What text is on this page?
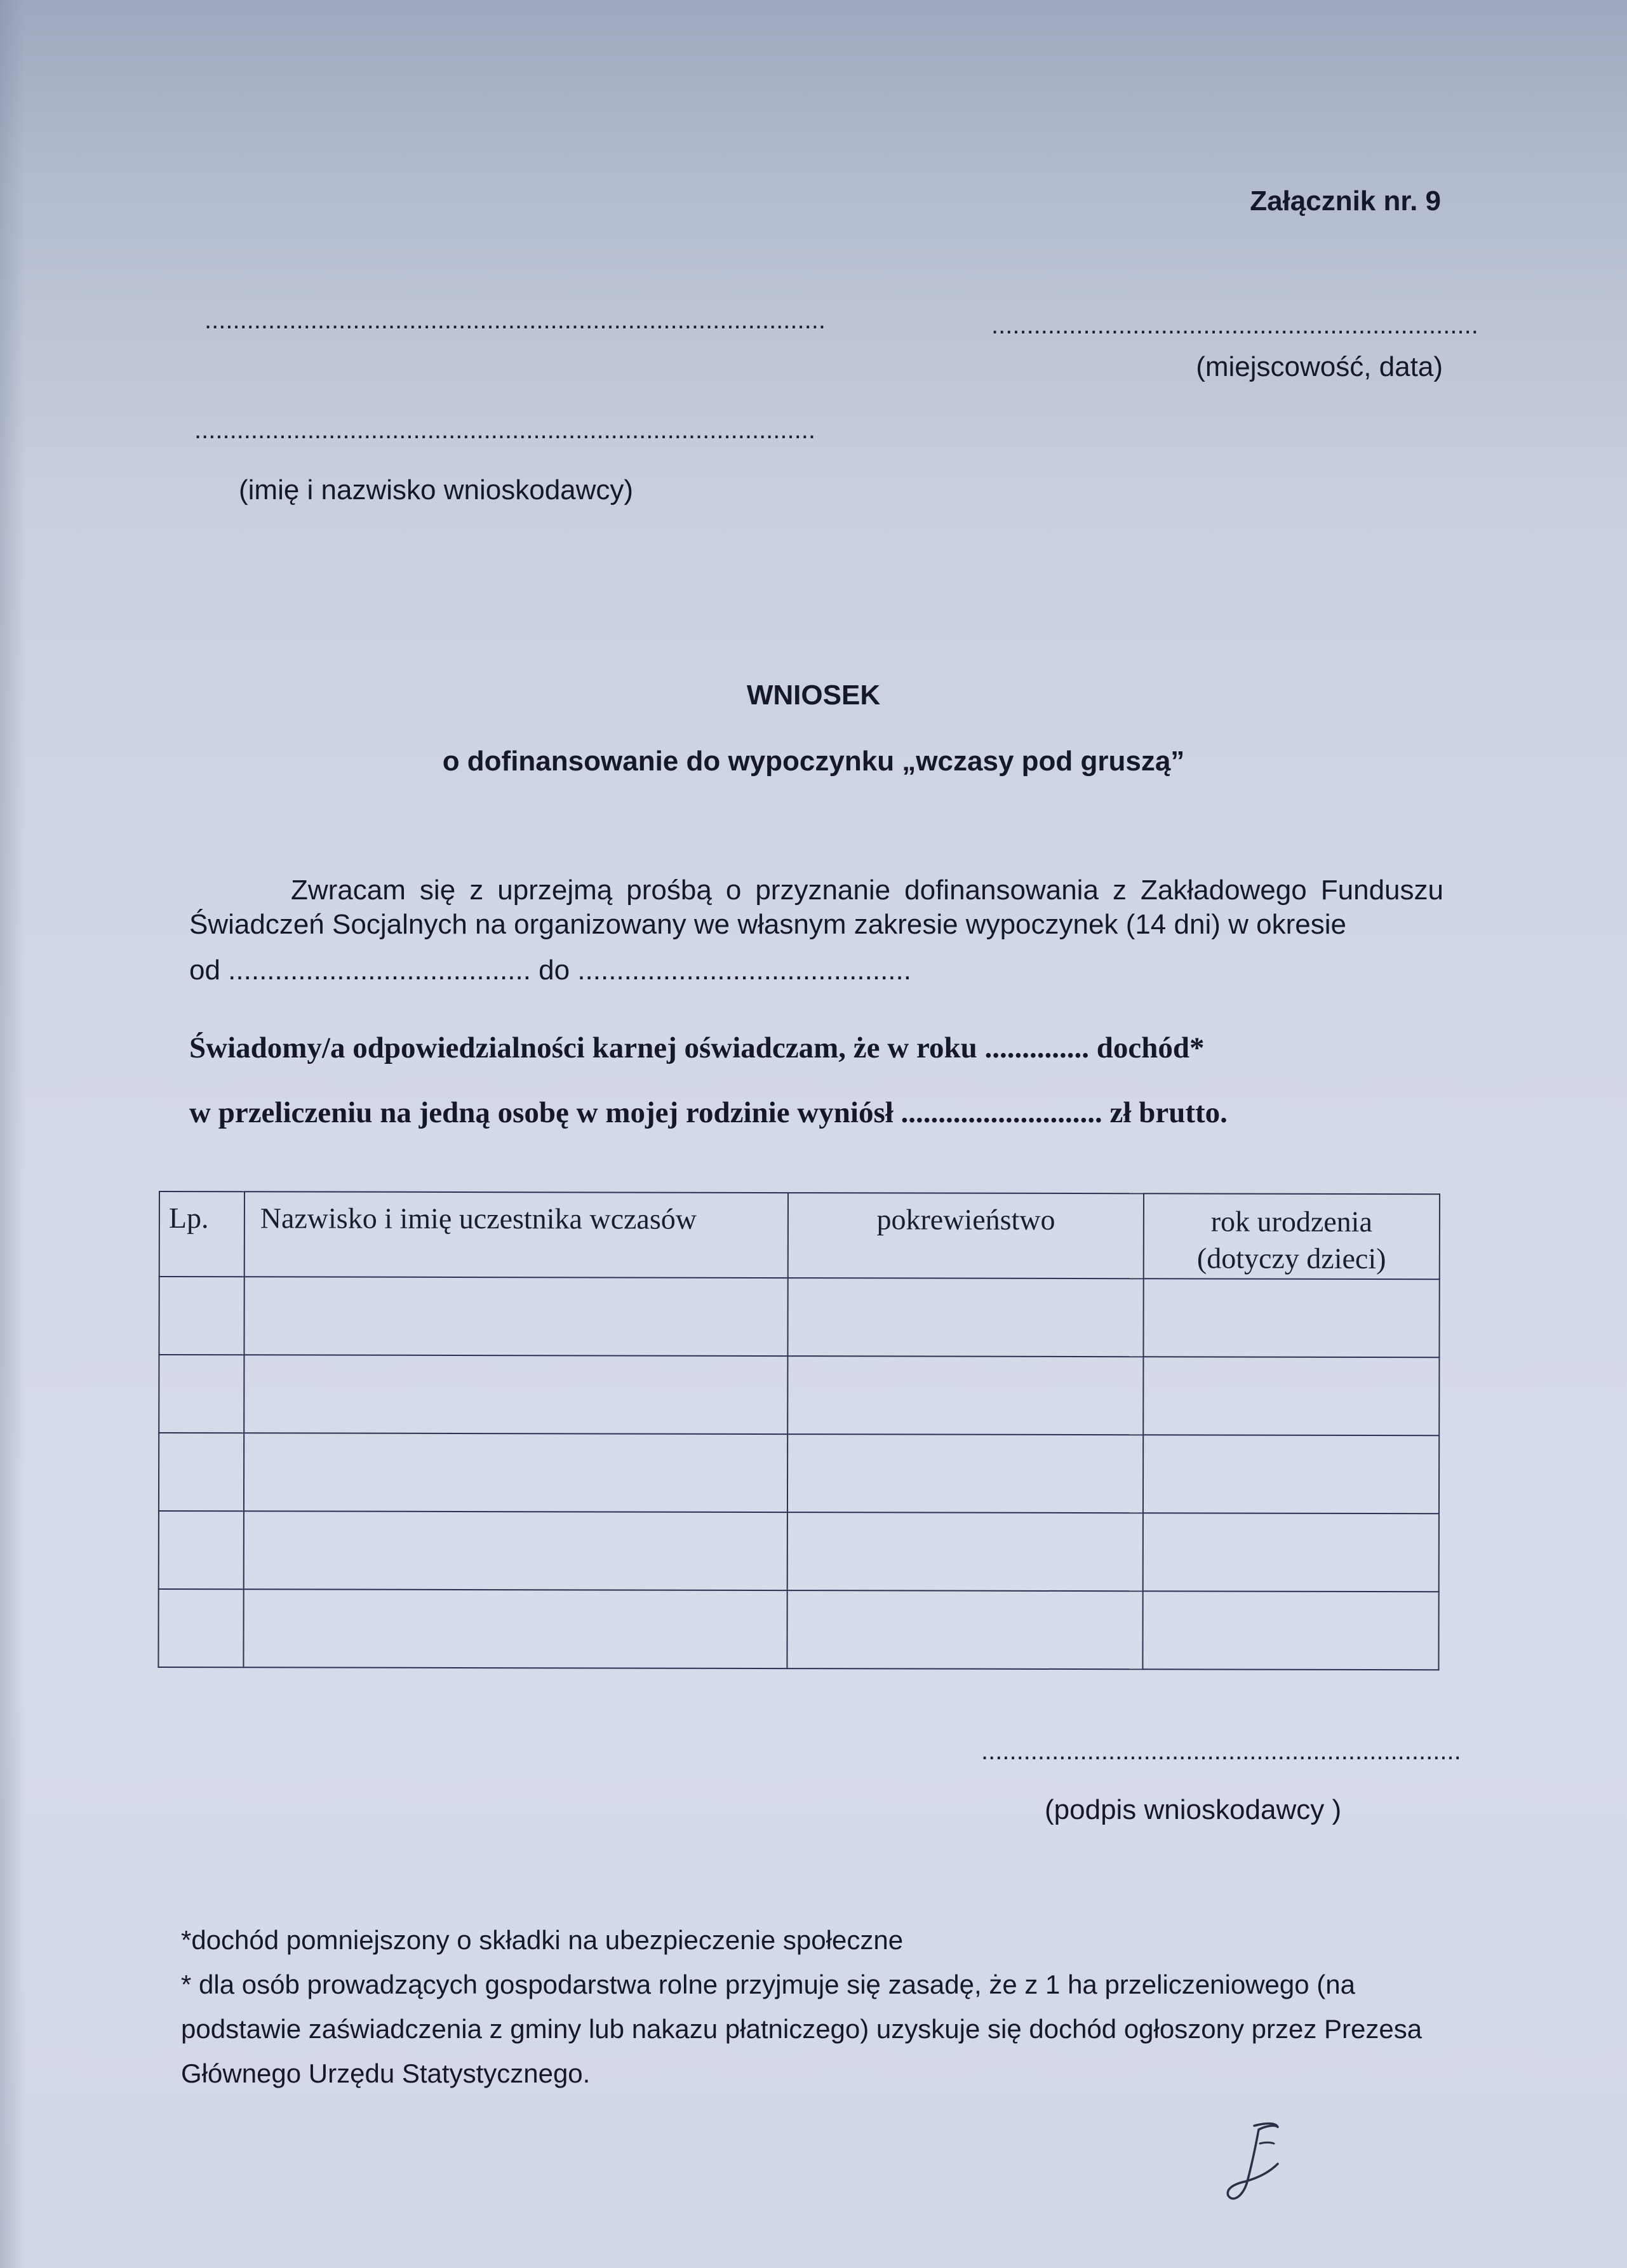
Załącznik nr. 9
........................................................................................	.....................................................................
(miejscowość, data)
........................................................................................
(imię i nazwisko wnioskodawcy)
WNIOSEK
o dofinansowanie do wypoczynku „wczasy pod gruszą”
Zwracam się z uprzejmą prośbą o przyznanie dofinansowania z Zakładowego Funduszu Świadczeń Socjalnych na organizowany we własnym zakresie wypoczynek (14 dni) w okresie
od ....................................... do ...........................................
Świadomy/a odpowiedzialności karnej oświadczam, że w roku .............. dochód*
w przeliczeniu na jedną osobę w mojej rodzinie wyniósł ........................... zł brutto.
Lp.	Nazwisko i imię uczestnika wczasów	pokrewieństwo	rok urodzenia
(dotyczy dzieci)

....................................................................
(podpis wnioskodawcy )
*dochód pomniejszony o składki na ubezpieczenie społeczne
* dla osób prowadzących gospodarstwa rolne przyjmuje się zasadę, że z 1 ha przeliczeniowego (na podstawie zaświadczenia z gminy lub nakazu płatniczego) uzyskuje się dochód ogłoszony przez Prezesa Głównego Urzędu Statystycznego.
